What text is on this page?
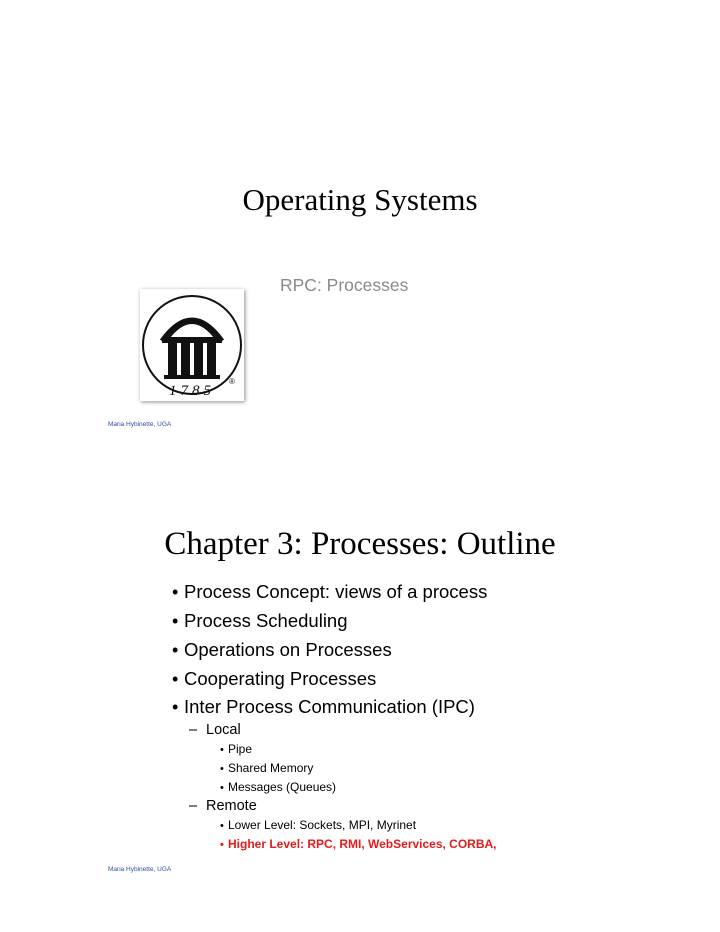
Operating Systems
RPC: Processes
1785
®
Maria Hybinette, UGA
Chapter 3: Processes: Outline
• Process Concept: views of a process
• Process Scheduling
• Operations on Processes
• Cooperating Processes
• Inter Process Communication (IPC)
– Local
• Pipe
• Shared Memory
• Messages (Queues)
– Remote
• Lower Level: Sockets, MPI, Myrinet
• Higher Level: RPC, RMI, WebServices, CORBA,
Maria Hybinette, UGA
